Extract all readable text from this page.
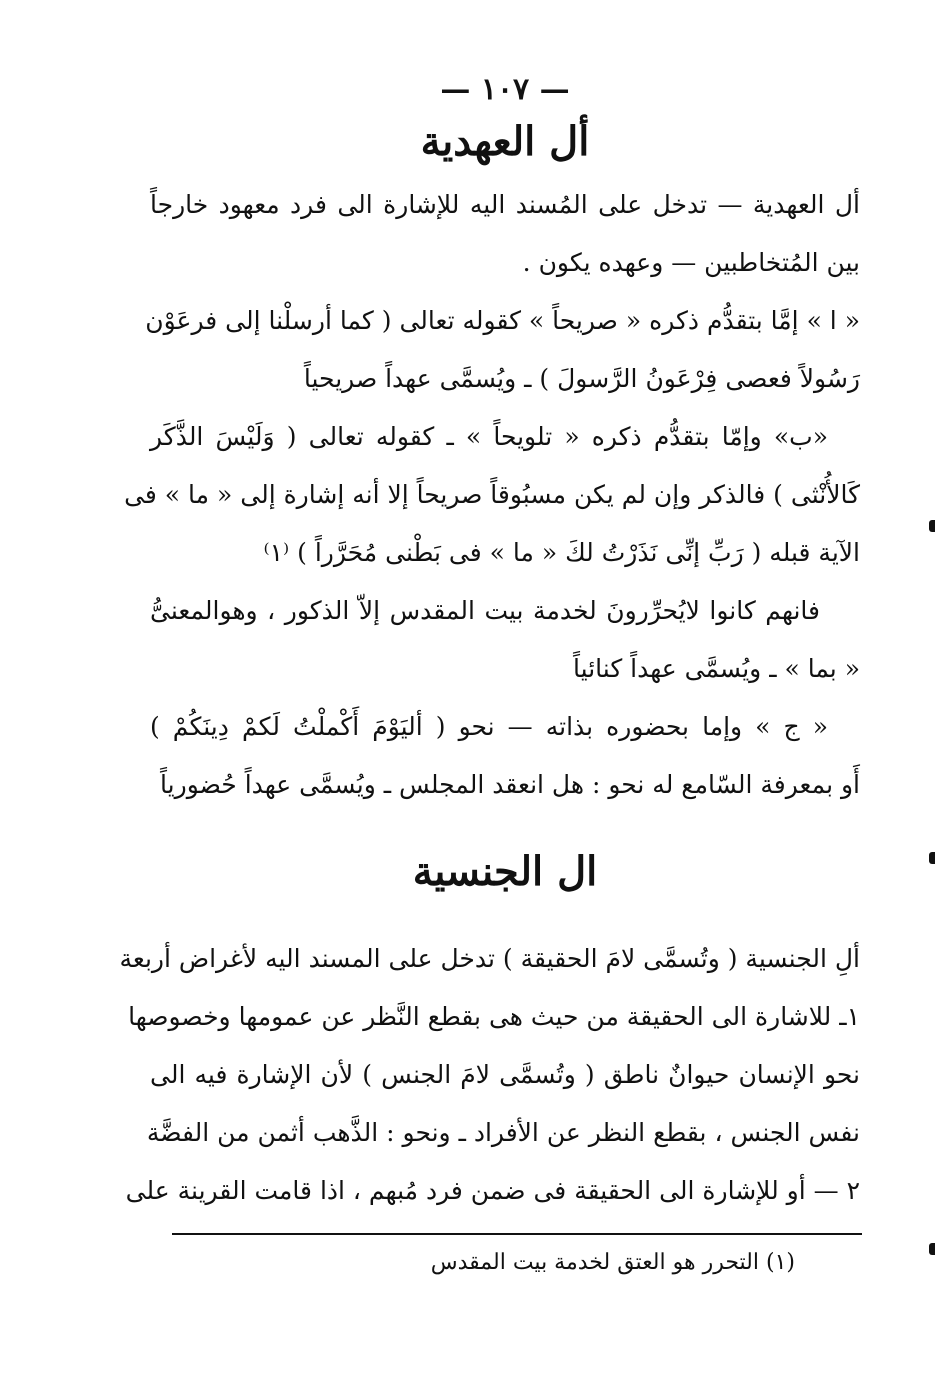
— ١٠٧ —
أل العهدية
أل العهدية — تدخل على المُسند اليه للإشارة الى فرد معهود خارجاً
بين المُتخاطبين — وعهده يكون .
« ا » إمَّا بتقدُّم ذكره « صريحاً » كقوله تعالى ( كما أرسلْنا إلى فرعَوْن
رَسُولاً فعصى فِرْعَونُ الرَّسولَ ) ـ ويُسمَّى عهداً صريحياً
«ب» وإمّا بتقدُّم ذكره « تلويحاً » ـ كقوله تعالى ( وَلَيْسَ الذَّكَر
كَالأُنْثى ) فالذكر وإن لم يكن مسبُوقاً صريحاً إلا أنه إشارة إلى « ما » فى
الآية قبله ( رَبِّ إنِّى نَذَرْتُ لكَ « ما » فى بَطْنى مُحَرَّراً ) ⁽١⁾
فانهم كانوا لايُحرِّرونَ لخدمة بيت المقدس إلاّ الذكور ، وهوالمعنىُّ
« بما » ـ ويُسمَّى عهداً كنائياً
« ج » وإما بحضوره بذاته — نحو ( أليَوْمَ أَكْملْتُ لَكمْ دِينَكُمْ )
أَو بمعرفة السّامع له نحو : هل انعقد المجلس ـ ويُسمَّى عهداً حُضورياً
ال الجنسية
ألِ الجنسية ( وتُسمَّى لامَ الحقيقة ) تدخل على المسند اليه لأغراض أربعة
١ـ للاشارة الى الحقيقة من حيث هى بقطع النَّظر عن عمومها وخصوصها
نحو الإنسان حيوانٌ ناطق ( وتُسمَّى لامَ الجنس ) لأن الإشارة فيه الى
نفس الجنس ، بقطع النظر عن الأفراد ـ ونحو : الذَّهب أثمن من الفضَّة
٢ — أو للإشارة الى الحقيقة فى ضمن فرد مُبهم ، اذا قامت القرينة على
(١) التحرر هو العتق لخدمة بيت المقدس
